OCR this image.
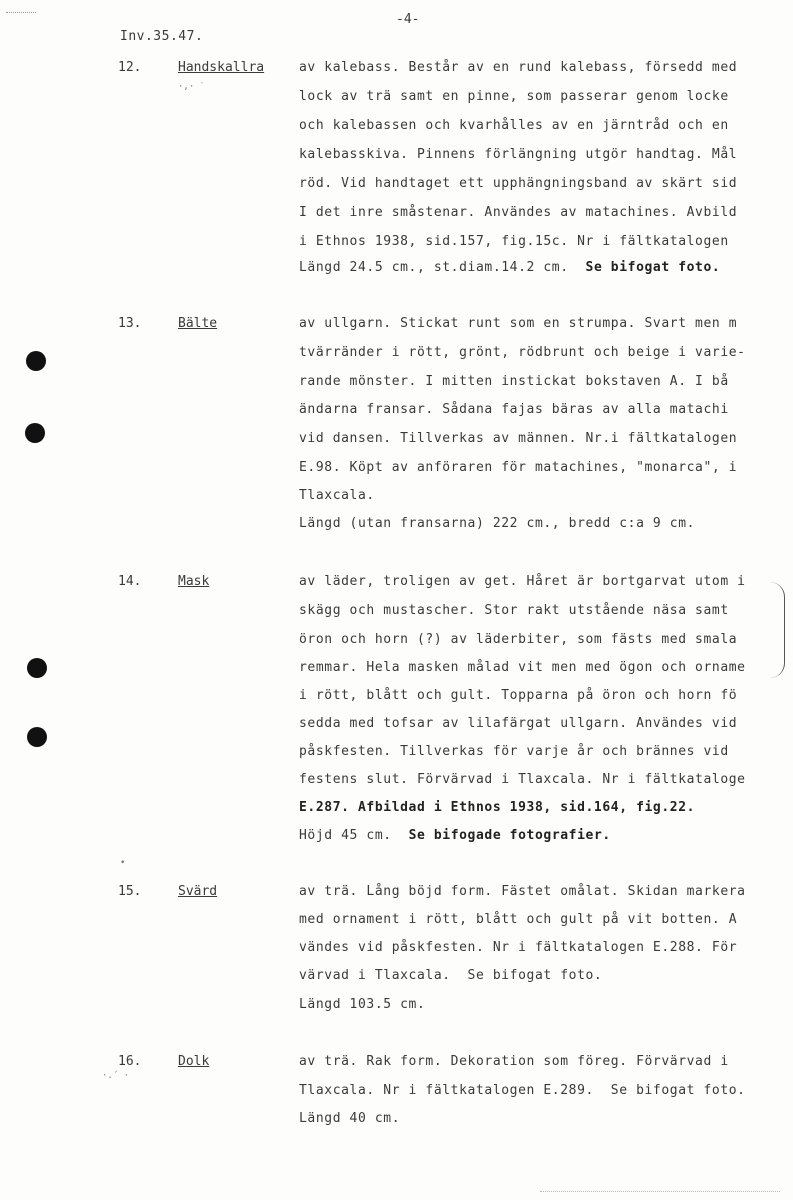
-4-
Inv.35.47.
·‚· ˋ
•
·.´ ·
12.	Handskallra	av kalebass. Består av en rund kalebass, försedd med
lock av trä samt en pinne, som passerar genom locke
och kalebassen och kvarhålles av en järntråd och en
kalebasskiva. Pinnens förlängning utgör handtag. Mål
röd. Vid handtaget ett upphängningsband av skärt sid
I det inre småstenar. Användes av matachines. Avbild
i Ethnos 1938, sid.157, fig.15c. Nr i fältkatalogen
Längd 24.5 cm., st.diam.14.2 cm. Se bifogat foto.
13.	Bälte	av ullgarn. Stickat runt som en strumpa. Svart men m
tvärränder i rött, grönt, rödbrunt och beige i varie-
rande mönster. I mitten instickat bokstaven A. I bå
ändarna fransar. Sådana fajas bäras av alla matachi
vid dansen. Tillverkas av männen. Nr.i fältkatalogen
E.98. Köpt av anföraren för matachines, "monarca", i
Tlaxcala.
Längd (utan fransarna) 222 cm., bredd c:a 9 cm.
14.	Mask	av läder, troligen av get. Håret är bortgarvat utom i
skägg och mustascher. Stor rakt utstående näsa samt
öron och horn (?) av läderbiter, som fästs med smala
remmar. Hela masken målad vit men med ögon och orname
i rött, blått och gult. Topparna på öron och horn fö
sedda med tofsar av lilafärgat ullgarn. Användes vid
påskfesten. Tillverkas för varje år och brännes vid
festens slut. Förvärvad i Tlaxcala. Nr i fältkataloge
E.287. Afbildad i Ethnos 1938, sid.164, fig.22.
Höjd 45 cm. Se bifogade fotografier.
15.	Svärd	av trä. Lång böjd form. Fästet omålat. Skidan markera
med ornament i rött, blått och gult på vit botten. A
vändes vid påskfesten. Nr i fältkatalogen E.288. För
värvad i Tlaxcala.  Se bifogat foto.
Längd 103.5 cm.
16.	Dolk	av trä. Rak form. Dekoration som föreg. Förvärvad i
Tlaxcala. Nr i fältkatalogen E.289.  Se bifogat foto.
Längd 40 cm.
